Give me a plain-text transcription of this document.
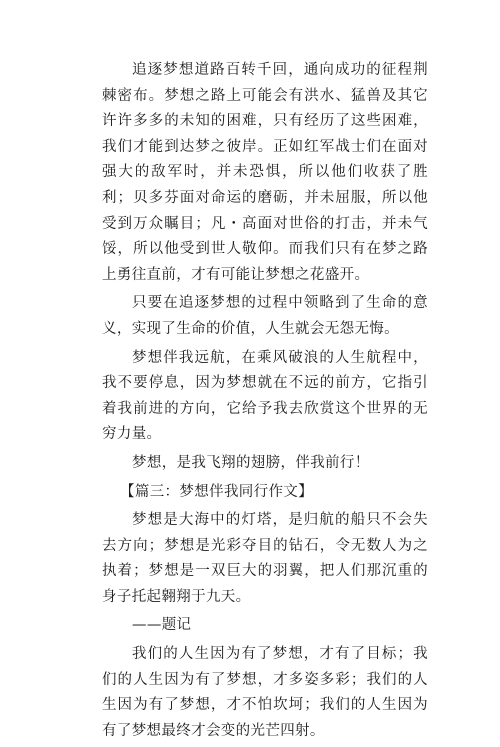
追逐梦想道路百转千回，通向成功的征程荆棘密布。梦想之路上可能会有洪水、猛兽及其它许许多多的未知的困难，只有经历了这些困难，我们才能到达梦之彼岸。正如红军战士们在面对强大的敌军时，并未恐惧，所以他们收获了胜利；贝多芬面对命运的磨砺，并未屈服，所以他受到万众瞩目；凡・高面对世俗的打击，并未气馁，所以他受到世人敬仰。而我们只有在梦之路上勇往直前，才有可能让梦想之花盛开。

只要在追逐梦想的过程中领略到了生命的意义，实现了生命的价值，人生就会无怨无悔。

梦想伴我远航，在乘风破浪的人生航程中，我不要停息，因为梦想就在不远的前方，它指引着我前进的方向，它给予我去欣赏这个世界的无穷力量。

梦想，是我飞翔的翅膀，伴我前行！

【篇三：梦想伴我同行作文】

梦想是大海中的灯塔，是归航的船只不会失去方向；梦想是光彩夺目的钻石，令无数人为之执着；梦想是一双巨大的羽翼，把人们那沉重的身子托起翱翔于九天。

——题记

我们的人生因为有了梦想，才有了目标；我们的人生因为有了梦想，才多姿多彩；我们的人生因为有了梦想，才不怕坎坷；我们的人生因为有了梦想最终才会变的光芒四射。
